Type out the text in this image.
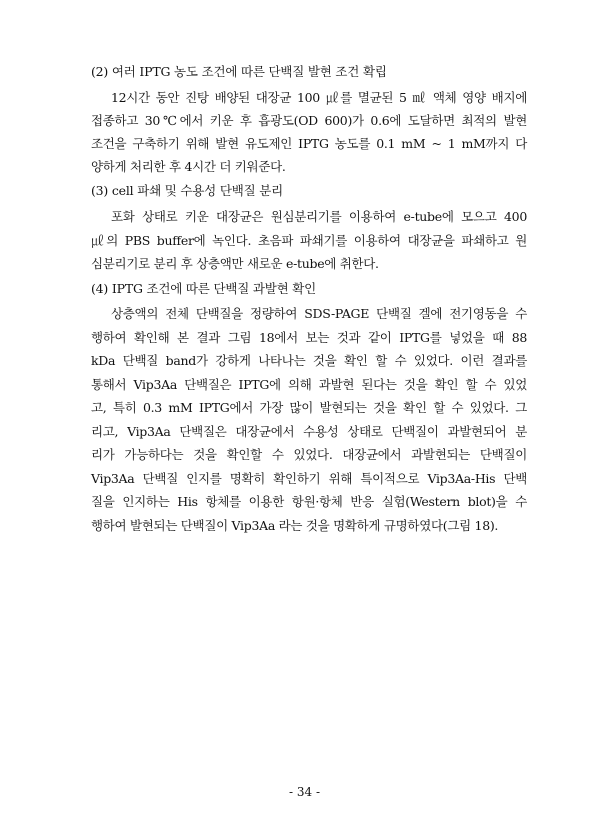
(2) 여러 IPTG 농도 조건에 따른 단백질 발현 조건 확립
12시간 동안 진탕 배양된 대장균 100 ㎕를 멸균된 5 ㎖ 액체 영양 배지에
접종하고 30℃에서 키운 후 흡광도(OD 600)가 0.6에 도달하면 최적의 발현
조건을 구축하기 위해 발현 유도제인 IPTG 농도를 0.1 mM ~ 1 mM까지 다
양하게 처리한 후 4시간 더 키워준다.
(3) cell 파쇄 및 수용성 단백질 분리
포화 상태로 키운 대장균은 원심분리기를 이용하여 e-tube에 모으고 400
㎕의 PBS buffer에 녹인다. 초음파 파쇄기를 이용하여 대장균을 파쇄하고 원
심분리기로 분리 후 상층액만 새로운 e-tube에 취한다.
(4) IPTG 조건에 따른 단백질 과발현 확인
상층액의 전체 단백질을 정량하여 SDS-PAGE 단백질 겔에 전기영동을 수
행하여 확인해 본 결과 그림 18에서 보는 것과 같이 IPTG를 넣었을 때 88
kDa 단백질 band가 강하게 나타나는 것을 확인 할 수 있었다. 이런 결과를
통해서 Vip3Aa 단백질은 IPTG에 의해 과발현 된다는 것을 확인 할 수 있었
고, 특히 0.3 mM IPTG에서 가장 많이 발현되는 것을 확인 할 수 있었다. 그
리고, Vip3Aa 단백질은 대장균에서 수용성 상태로 단백질이 과발현되어 분
리가 가능하다는 것을 확인할 수 있었다. 대장균에서 과발현되는 단백질이
Vip3Aa 단백질 인지를 명확히 확인하기 위해 특이적으로 Vip3Aa-His 단백
질을 인지하는 His 항체를 이용한 항원·항체 반응 실험(Western blot)을 수
행하여 발현되는 단백질이 Vip3Aa 라는 것을 명확하게 규명하였다(그림 18).
- 34 -
